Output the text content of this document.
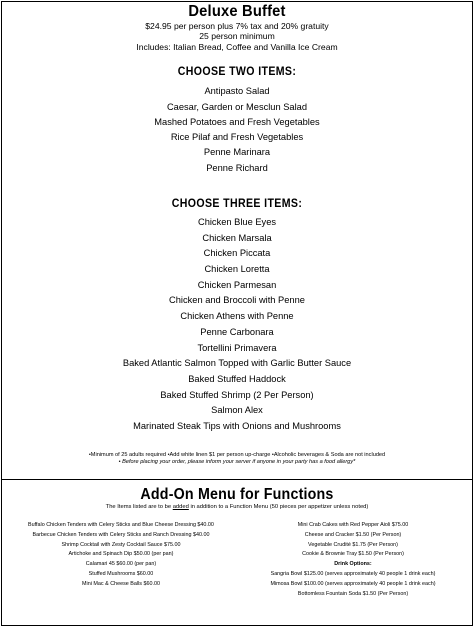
Deluxe Buffet
$24.95 per person plus 7% tax and 20% gratuity
25 person minimum
Includes: Italian Bread, Coffee and Vanilla Ice Cream
CHOOSE TWO ITEMS:
Antipasto Salad
Caesar, Garden or Mesclun Salad
Mashed Potatoes and Fresh Vegetables
Rice Pilaf and Fresh Vegetables
Penne Marinara
Penne Richard
CHOOSE THREE ITEMS:
Chicken Blue Eyes
Chicken Marsala
Chicken Piccata
Chicken Loretta
Chicken Parmesan
Chicken and Broccoli with Penne
Chicken Athens with Penne
Penne Carbonara
Tortellini Primavera
Baked Atlantic Salmon Topped with Garlic Butter Sauce
Baked Stuffed Haddock
Baked Stuffed Shrimp (2 Per Person)
Salmon Alex
Marinated Steak Tips with Onions and Mushrooms
•Minimum of 25 adults required •Add white linen $1 per person up-charge •Alcoholic beverages & Soda are not included
• Before placing your order, please inform your server if anyone in your party has a food allergy*
Add-On Menu for Functions
The Items listed are to be added in addition to a Function Menu (50 pieces per appetizer unless noted)
Buffalo Chicken Tenders with Celery Sticks and Blue Cheese Dressing $40.00
Barbecue Chicken Tenders with Celery Sticks and Ranch Dressing $40.00
Shrimp Cocktail with Zesty Cocktail Sauce $75.00
Artichoke and Spinach Dip $50.00 (per pan)
Calamari 45 $60.00 (per pan)
Stuffed Mushrooms $60.00
Mini Mac & Cheese Balls $60.00
Mini Crab Cakes with Red Pepper Aioli $75.00
Cheese and Cracker $1.50 (Per Person)
Vegetable Crudité $1.75 (Per Person)
Cookie & Brownie Tray $1.50 (Per Person)
Drink Options:
Sangria Bowl $125.00 (serves approximately 40 people 1 drink each)
Mimosa Bowl $100.00 (serves approximately 40 people 1 drink each)
Bottomless Fountain Soda $1.50 (Per Person)
